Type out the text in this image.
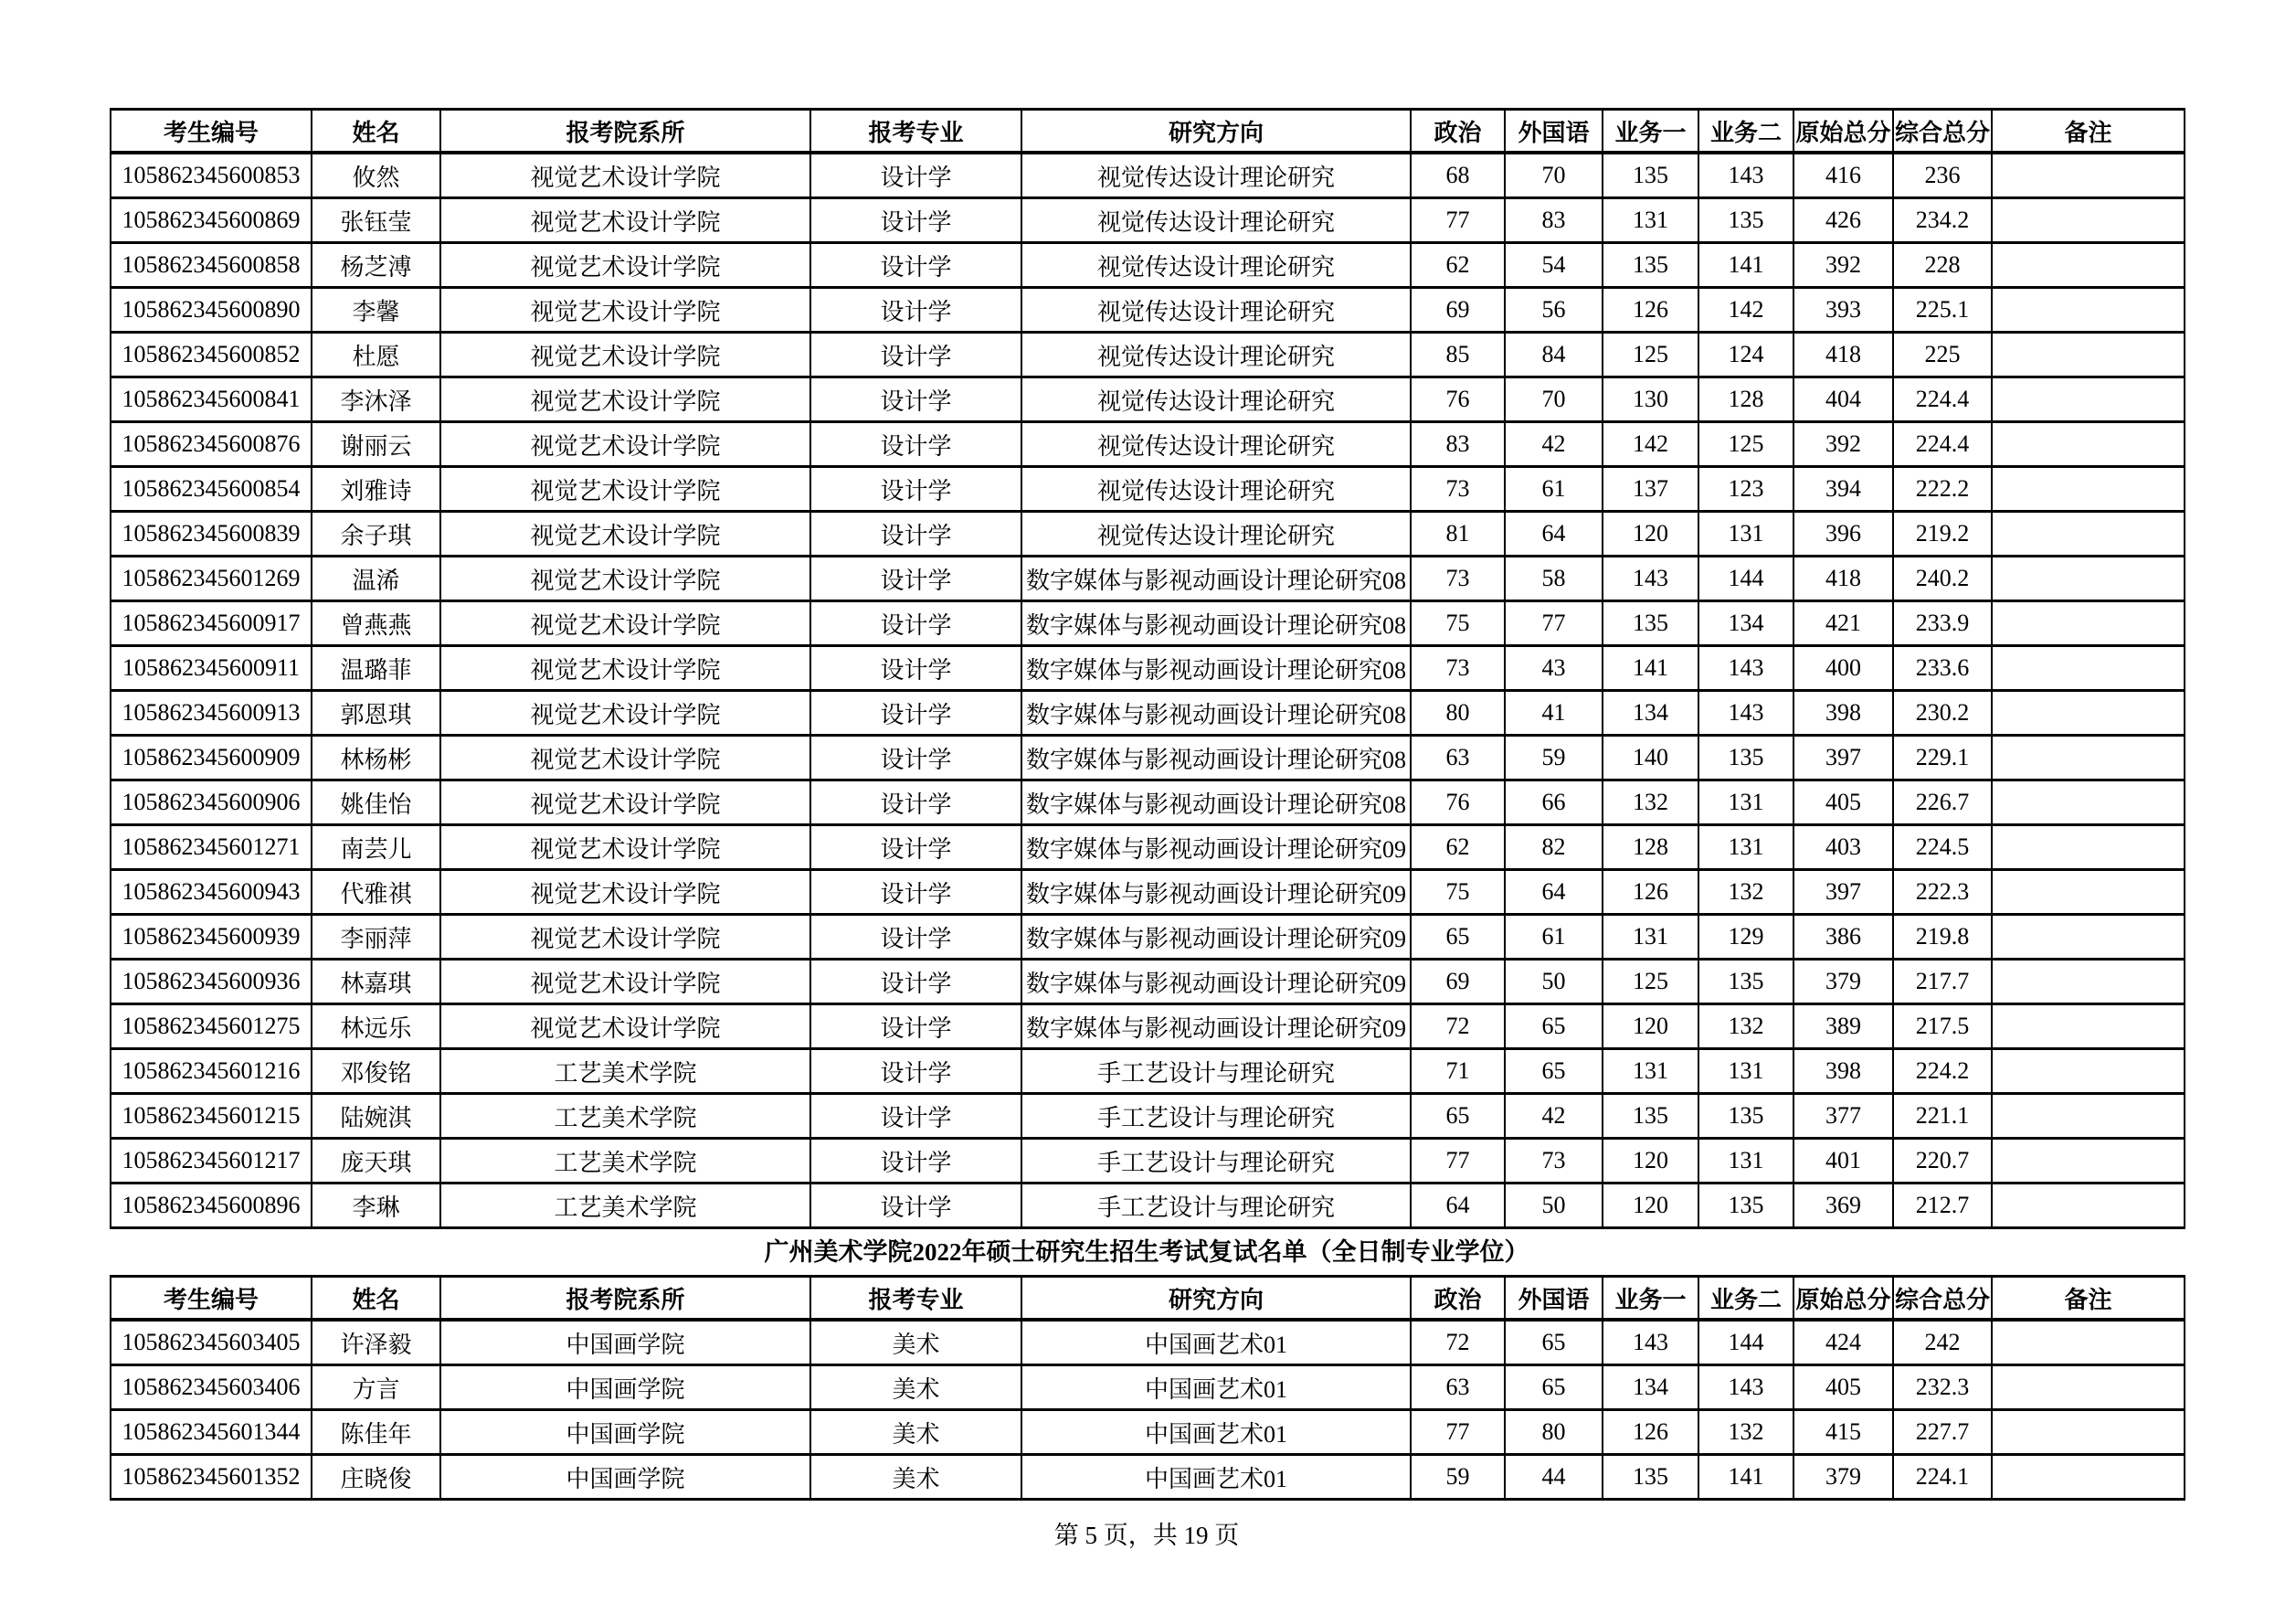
考生编号	姓名	报考院系所	报考专业	研究方向	政治	外国语	业务一	业务二	原始总分	综合总分	备注
105862345600853	攸然	视觉艺术设计学院	设计学	视觉传达设计理论研究	68	70	135	143	416	236	
105862345600869	张钰莹	视觉艺术设计学院	设计学	视觉传达设计理论研究	77	83	131	135	426	234.2	
105862345600858	杨芝溥	视觉艺术设计学院	设计学	视觉传达设计理论研究	62	54	135	141	392	228	
105862345600890	李馨	视觉艺术设计学院	设计学	视觉传达设计理论研究	69	56	126	142	393	225.1	
105862345600852	杜愿	视觉艺术设计学院	设计学	视觉传达设计理论研究	85	84	125	124	418	225	
105862345600841	李沐泽	视觉艺术设计学院	设计学	视觉传达设计理论研究	76	70	130	128	404	224.4	
105862345600876	谢丽云	视觉艺术设计学院	设计学	视觉传达设计理论研究	83	42	142	125	392	224.4	
105862345600854	刘雅诗	视觉艺术设计学院	设计学	视觉传达设计理论研究	73	61	137	123	394	222.2	
105862345600839	余子琪	视觉艺术设计学院	设计学	视觉传达设计理论研究	81	64	120	131	396	219.2	
105862345601269	温浠	视觉艺术设计学院	设计学	数字媒体与影视动画设计理论研究08	73	58	143	144	418	240.2	
105862345600917	曾燕燕	视觉艺术设计学院	设计学	数字媒体与影视动画设计理论研究08	75	77	135	134	421	233.9	
105862345600911	温璐菲	视觉艺术设计学院	设计学	数字媒体与影视动画设计理论研究08	73	43	141	143	400	233.6	
105862345600913	郭恩琪	视觉艺术设计学院	设计学	数字媒体与影视动画设计理论研究08	80	41	134	143	398	230.2	
105862345600909	林杨彬	视觉艺术设计学院	设计学	数字媒体与影视动画设计理论研究08	63	59	140	135	397	229.1	
105862345600906	姚佳怡	视觉艺术设计学院	设计学	数字媒体与影视动画设计理论研究08	76	66	132	131	405	226.7	
105862345601271	南芸儿	视觉艺术设计学院	设计学	数字媒体与影视动画设计理论研究09	62	82	128	131	403	224.5	
105862345600943	代雅祺	视觉艺术设计学院	设计学	数字媒体与影视动画设计理论研究09	75	64	126	132	397	222.3	
105862345600939	李丽萍	视觉艺术设计学院	设计学	数字媒体与影视动画设计理论研究09	65	61	131	129	386	219.8	
105862345600936	林嘉琪	视觉艺术设计学院	设计学	数字媒体与影视动画设计理论研究09	69	50	125	135	379	217.7	
105862345601275	林远乐	视觉艺术设计学院	设计学	数字媒体与影视动画设计理论研究09	72	65	120	132	389	217.5	
105862345601216	邓俊铭	工艺美术学院	设计学	手工艺设计与理论研究	71	65	131	131	398	224.2	
105862345601215	陆婉淇	工艺美术学院	设计学	手工艺设计与理论研究	65	42	135	135	377	221.1	
105862345601217	庞天琪	工艺美术学院	设计学	手工艺设计与理论研究	77	73	120	131	401	220.7	
105862345600896	李琳	工艺美术学院	设计学	手工艺设计与理论研究	64	50	120	135	369	212.7	
广州美术学院2022年硕士研究生招生考试复试名单（全日制专业学位）
考生编号	姓名	报考院系所	报考专业	研究方向	政治	外国语	业务一	业务二	原始总分	综合总分	备注
105862345603405	许泽毅	中国画学院	美术	中国画艺术01	72	65	143	144	424	242	
105862345603406	方言	中国画学院	美术	中国画艺术01	63	65	134	143	405	232.3	
105862345601344	陈佳年	中国画学院	美术	中国画艺术01	77	80	126	132	415	227.7	
105862345601352	庄晓俊	中国画学院	美术	中国画艺术01	59	44	135	141	379	224.1	
第 5 页，共 19 页
